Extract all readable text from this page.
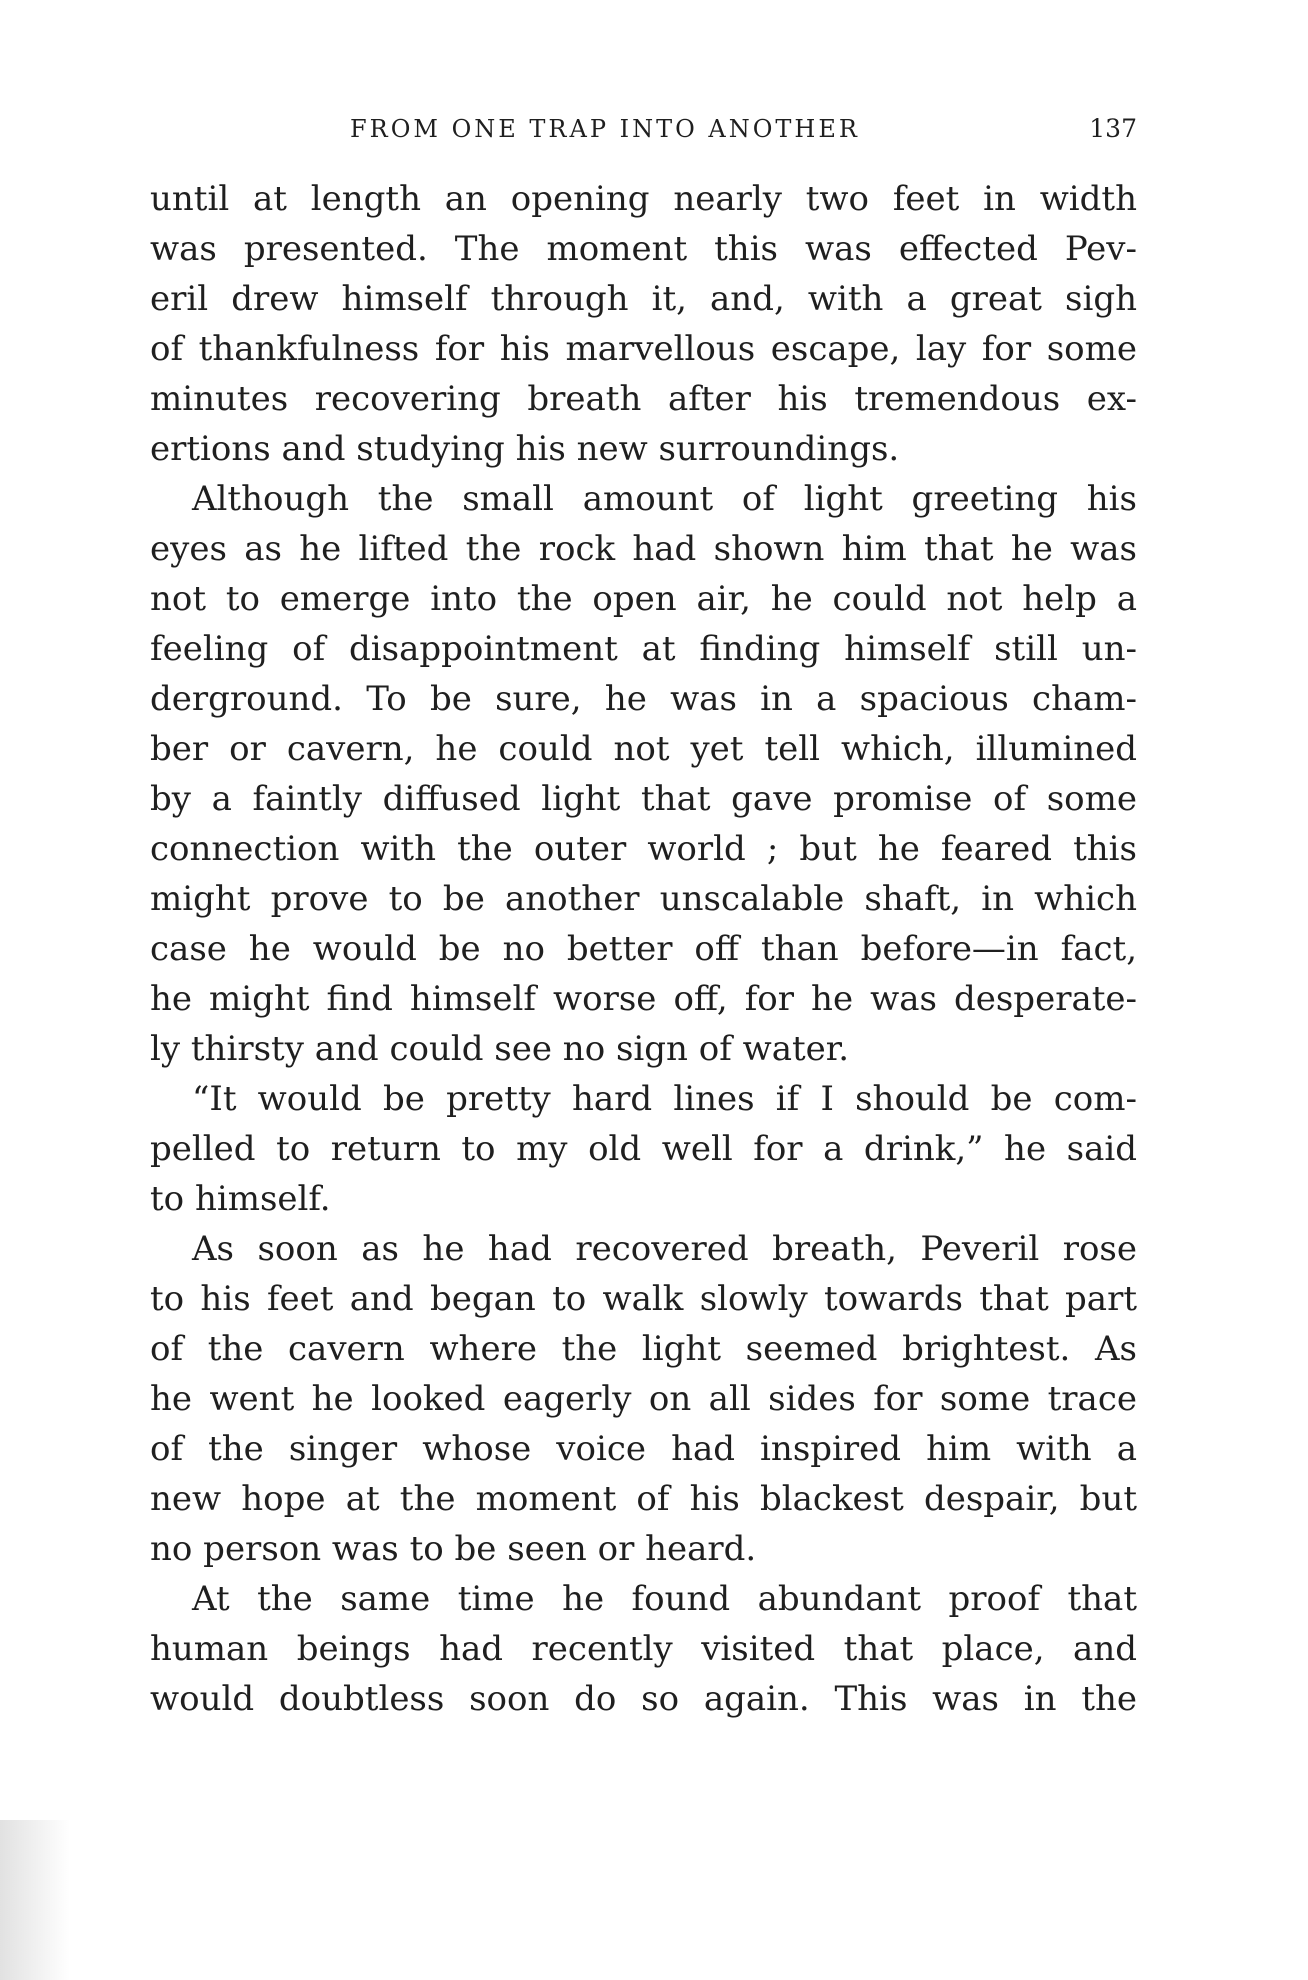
FROM ONE TRAP INTO ANOTHER	137
until at length an opening nearly two feet in width
was presented. The moment this was effected Pev-
eril drew himself through it, and, with a great sigh
of thankfulness for his marvellous escape, lay for some
minutes recovering breath after his tremendous ex-
ertions and studying his new surroundings.
Although the small amount of light greeting his
eyes as he lifted the rock had shown him that he was
not to emerge into the open air, he could not help a
feeling of disappointment at finding himself still un-
derground. To be sure, he was in a spacious cham-
ber or cavern, he could not yet tell which, illumined
by a faintly diffused light that gave promise of some
connection with the outer world ; but he feared this
might prove to be another unscalable shaft, in which
case he would be no better off than before—in fact,
he might find himself worse off, for he was desperate-
ly thirsty and could see no sign of water.
“It would be pretty hard lines if I should be com-
pelled to return to my old well for a drink,” he said
to himself.
As soon as he had recovered breath, Peveril rose
to his feet and began to walk slowly towards that part
of the cavern where the light seemed brightest. As
he went he looked eagerly on all sides for some trace
of the singer whose voice had inspired him with a
new hope at the moment of his blackest despair, but
no person was to be seen or heard.
At the same time he found abundant proof that
human beings had recently visited that place, and
would doubtless soon do so again. This was in the
